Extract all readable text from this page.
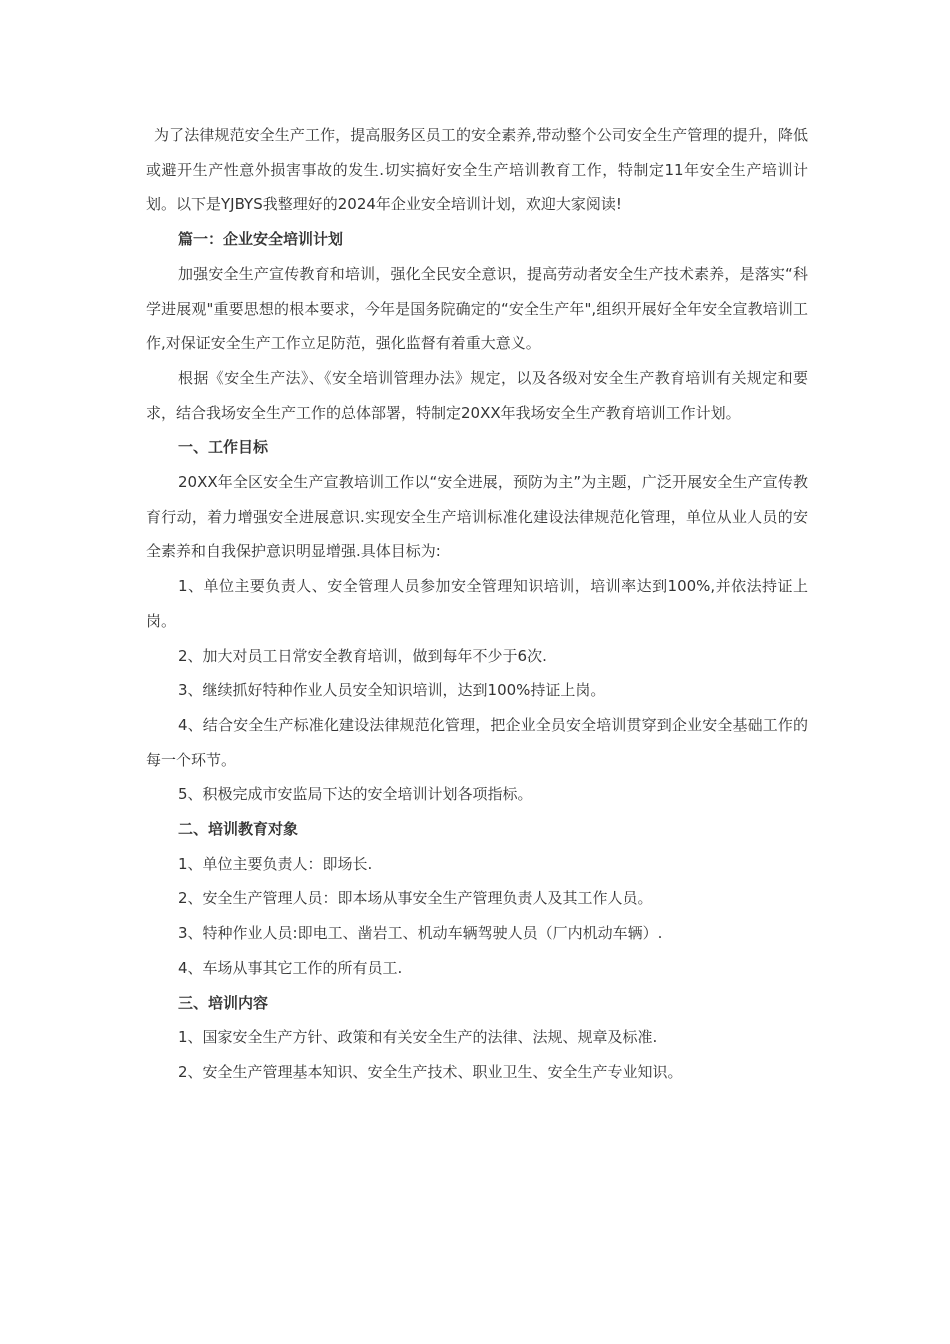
为了法律规范安全生产工作，提高服务区员工的安全素养,带动整个公司安全生产管理的提升，降低或避开生产性意外损害事故的发生.切实搞好安全生产培训教育工作，特制定11年安全生产培训计划。以下是YJBYS我整理好的2024年企业安全培训计划，欢迎大家阅读!

篇一：企业安全培训计划

加强安全生产宣传教育和培训，强化全民安全意识，提高劳动者安全生产技术素养，是落实“科学进展观"重要思想的根本要求，今年是国务院确定的“安全生产年",组织开展好全年安全宣教培训工作,对保证安全生产工作立足防范，强化监督有着重大意义。

根据《安全生产法》、《安全培训管理办法》规定，以及各级对安全生产教育培训有关规定和要求，结合我场安全生产工作的总体部署，特制定20XX年我场安全生产教育培训工作计划。

一、工作目标

20XX年全区安全生产宣教培训工作以“安全进展，预防为主”为主题，广泛开展安全生产宣传教育行动，着力增强安全进展意识.实现安全生产培训标准化建设法律规范化管理，单位从业人员的安全素养和自我保护意识明显增强.具体目标为:

1、单位主要负责人、安全管理人员参加安全管理知识培训，培训率达到100%,并依法持证上岗。

2、加大对员工日常安全教育培训，做到每年不少于6次.

3、继续抓好特种作业人员安全知识培训，达到100%持证上岗。

4、结合安全生产标准化建设法律规范化管理，把企业全员安全培训贯穿到企业安全基础工作的每一个环节。

5、积极完成市安监局下达的安全培训计划各项指标。

二、培训教育对象

1、单位主要负责人：即场长.

2、安全生产管理人员：即本场从事安全生产管理负责人及其工作人员。

3、特种作业人员:即电工、凿岩工、机动车辆驾驶人员（厂内机动车辆）.

4、车场从事其它工作的所有员工.

三、培训内容

1、国家安全生产方针、政策和有关安全生产的法律、法规、规章及标准.

2、安全生产管理基本知识、安全生产技术、职业卫生、安全生产专业知识。
